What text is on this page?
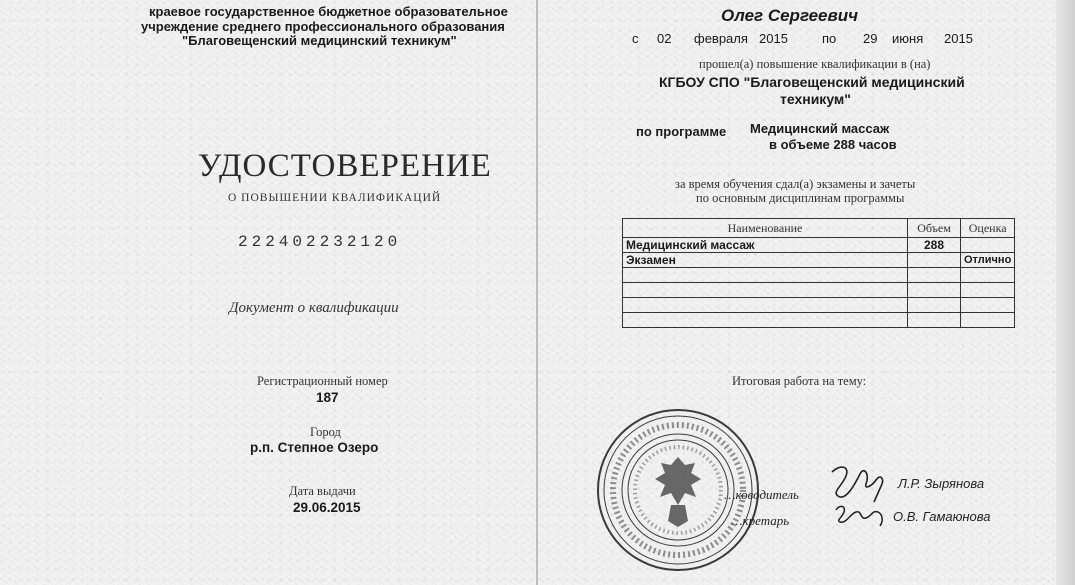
краевое государственное бюджетное образовательное
учреждение среднего профессионального образования
"Благовещенский медицинский техникум"
УДОСТОВЕРЕНИЕ
О ПОВЫШЕНИИ КВАЛИФИКАЦИЙ
222402232120
Документ о квалификации
Регистрационный номер
187
Город
р.п. Степное Озеро
Дата выдачи
29.06.2015
Олег Сергеевич
с 02 февраля 2015	по 29 июня 2015
прошел(а) повышение квалификации в (на)
КГБОУ СПО "Благовещенский медицинский
техникум"
по программе Медицинский массаж
в объеме 288 часов
за время обучения сдал(а) экзамены и зачеты
по основным дисциплинам программы
Наименование	Объем	Оценка
Медицинский массаж	288	
Экзамен		Отлично

Итоговая работа на тему:
…ководитель
Л.Р. Зырянова
…кретарь	О.В. Гамаюнова
